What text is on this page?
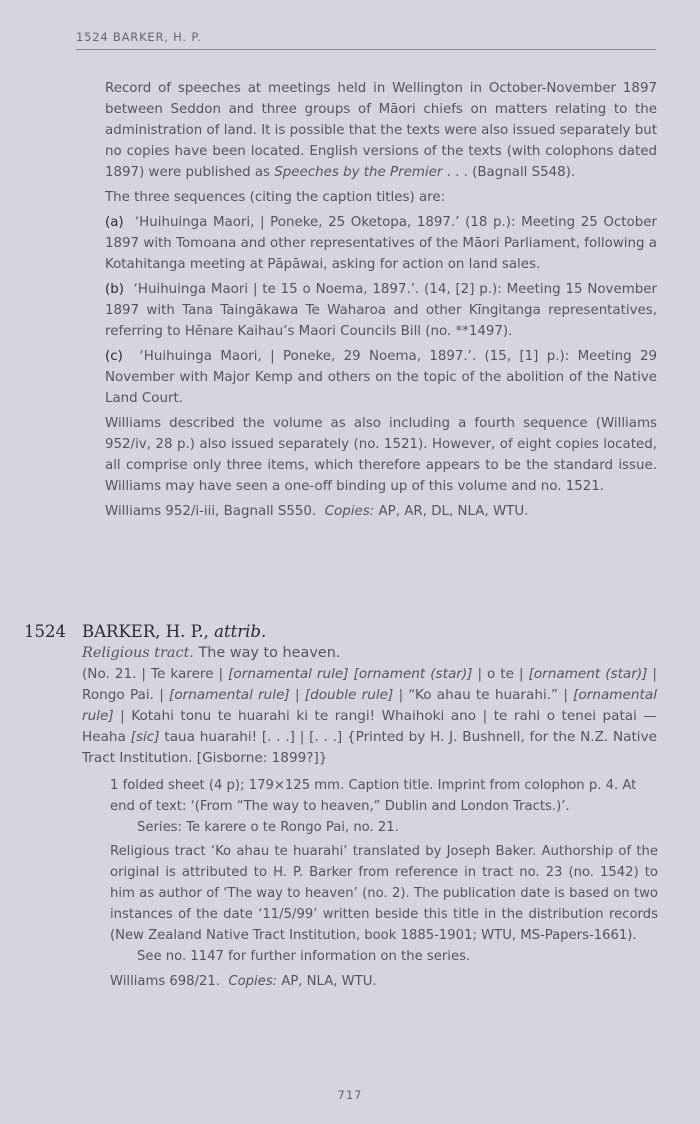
1524 BARKER, H. P.

Record of speeches at meetings held in Wellington in October-November 1897 between Seddon and three groups of Māori chiefs on matters relating to the administration of land. It is possible that the texts were also issued separately but no copies have been located. English versions of the texts (with colophons dated 1897) were published as Speeches by the Premier . . . (Bagnall S548).

The three sequences (citing the caption titles) are:

(a) ‘Huihuinga Maori, | Poneke, 25 Oketopa, 1897.’ (18 p.): Meeting 25 October 1897 with Tomoana and other representatives of the Māori Parliament, following a Kotahitanga meeting at Pāpāwai, asking for action on land sales.

(b) ‘Huihuinga Maori | te 15 o Noema, 1897.’. (14, [2] p.): Meeting 15 November 1897 with Tana Taingākawa Te Waharoa and other Kīngitanga representatives, referring to Hēnare Kaihau’s Maori Councils Bill (no. **1497).

(c) ‘Huihuinga Maori, | Poneke, 29 Noema, 1897.’. (15, [1] p.): Meeting 29 November with Major Kemp and others on the topic of the abolition of the Native Land Court.

Williams described the volume as also including a fourth sequence (Williams 952/iv, 28 p.) also issued separately (no. 1521). However, of eight copies located, all comprise only three items, which therefore appears to be the standard issue. Williams may have seen a one-off binding up of this volume and no. 1521.

Williams 952/i-iii, Bagnall S550. Copies: AP, AR, DL, NLA, WTU.

1524 BARKER, H. P., attrib.
Religious tract. The way to heaven.
(No. 21. | Te karere | [ornamental rule] [ornament (star)] | o te | [ornament (star)] | Rongo Pai. | [ornamental rule] | [double rule] | “Ko ahau te huarahi.” | [ornamental rule] | Kotahi tonu te huarahi ki te rangi! Whaihoki ano | te rahi o tenei patai — Heaha [sic] taua huarahi! [. . .] | [. . .] {Printed by H. J. Bushnell, for the N.Z. Native Tract Institution. [Gisborne: 1899?]}

1 folded sheet (4 p); 179×125 mm. Caption title. Imprint from colophon p. 4. At end of text: ‘(From “The way to heaven,” Dublin and London Tracts.)’.

Series: Te karere o te Rongo Pai, no. 21.

Religious tract ‘Ko ahau te huarahi’ translated by Joseph Baker. Authorship of the original is attributed to H. P. Barker from reference in tract no. 23 (no. 1542) to him as author of ‘The way to heaven’ (no. 2). The publication date is based on two instances of the date ‘11/5/99’ written beside this title in the distribution records (New Zealand Native Tract Institution, book 1885-1901; WTU, MS-Papers-1661).

See no. 1147 for further information on the series.

Williams 698/21. Copies: AP, NLA, WTU.

717
